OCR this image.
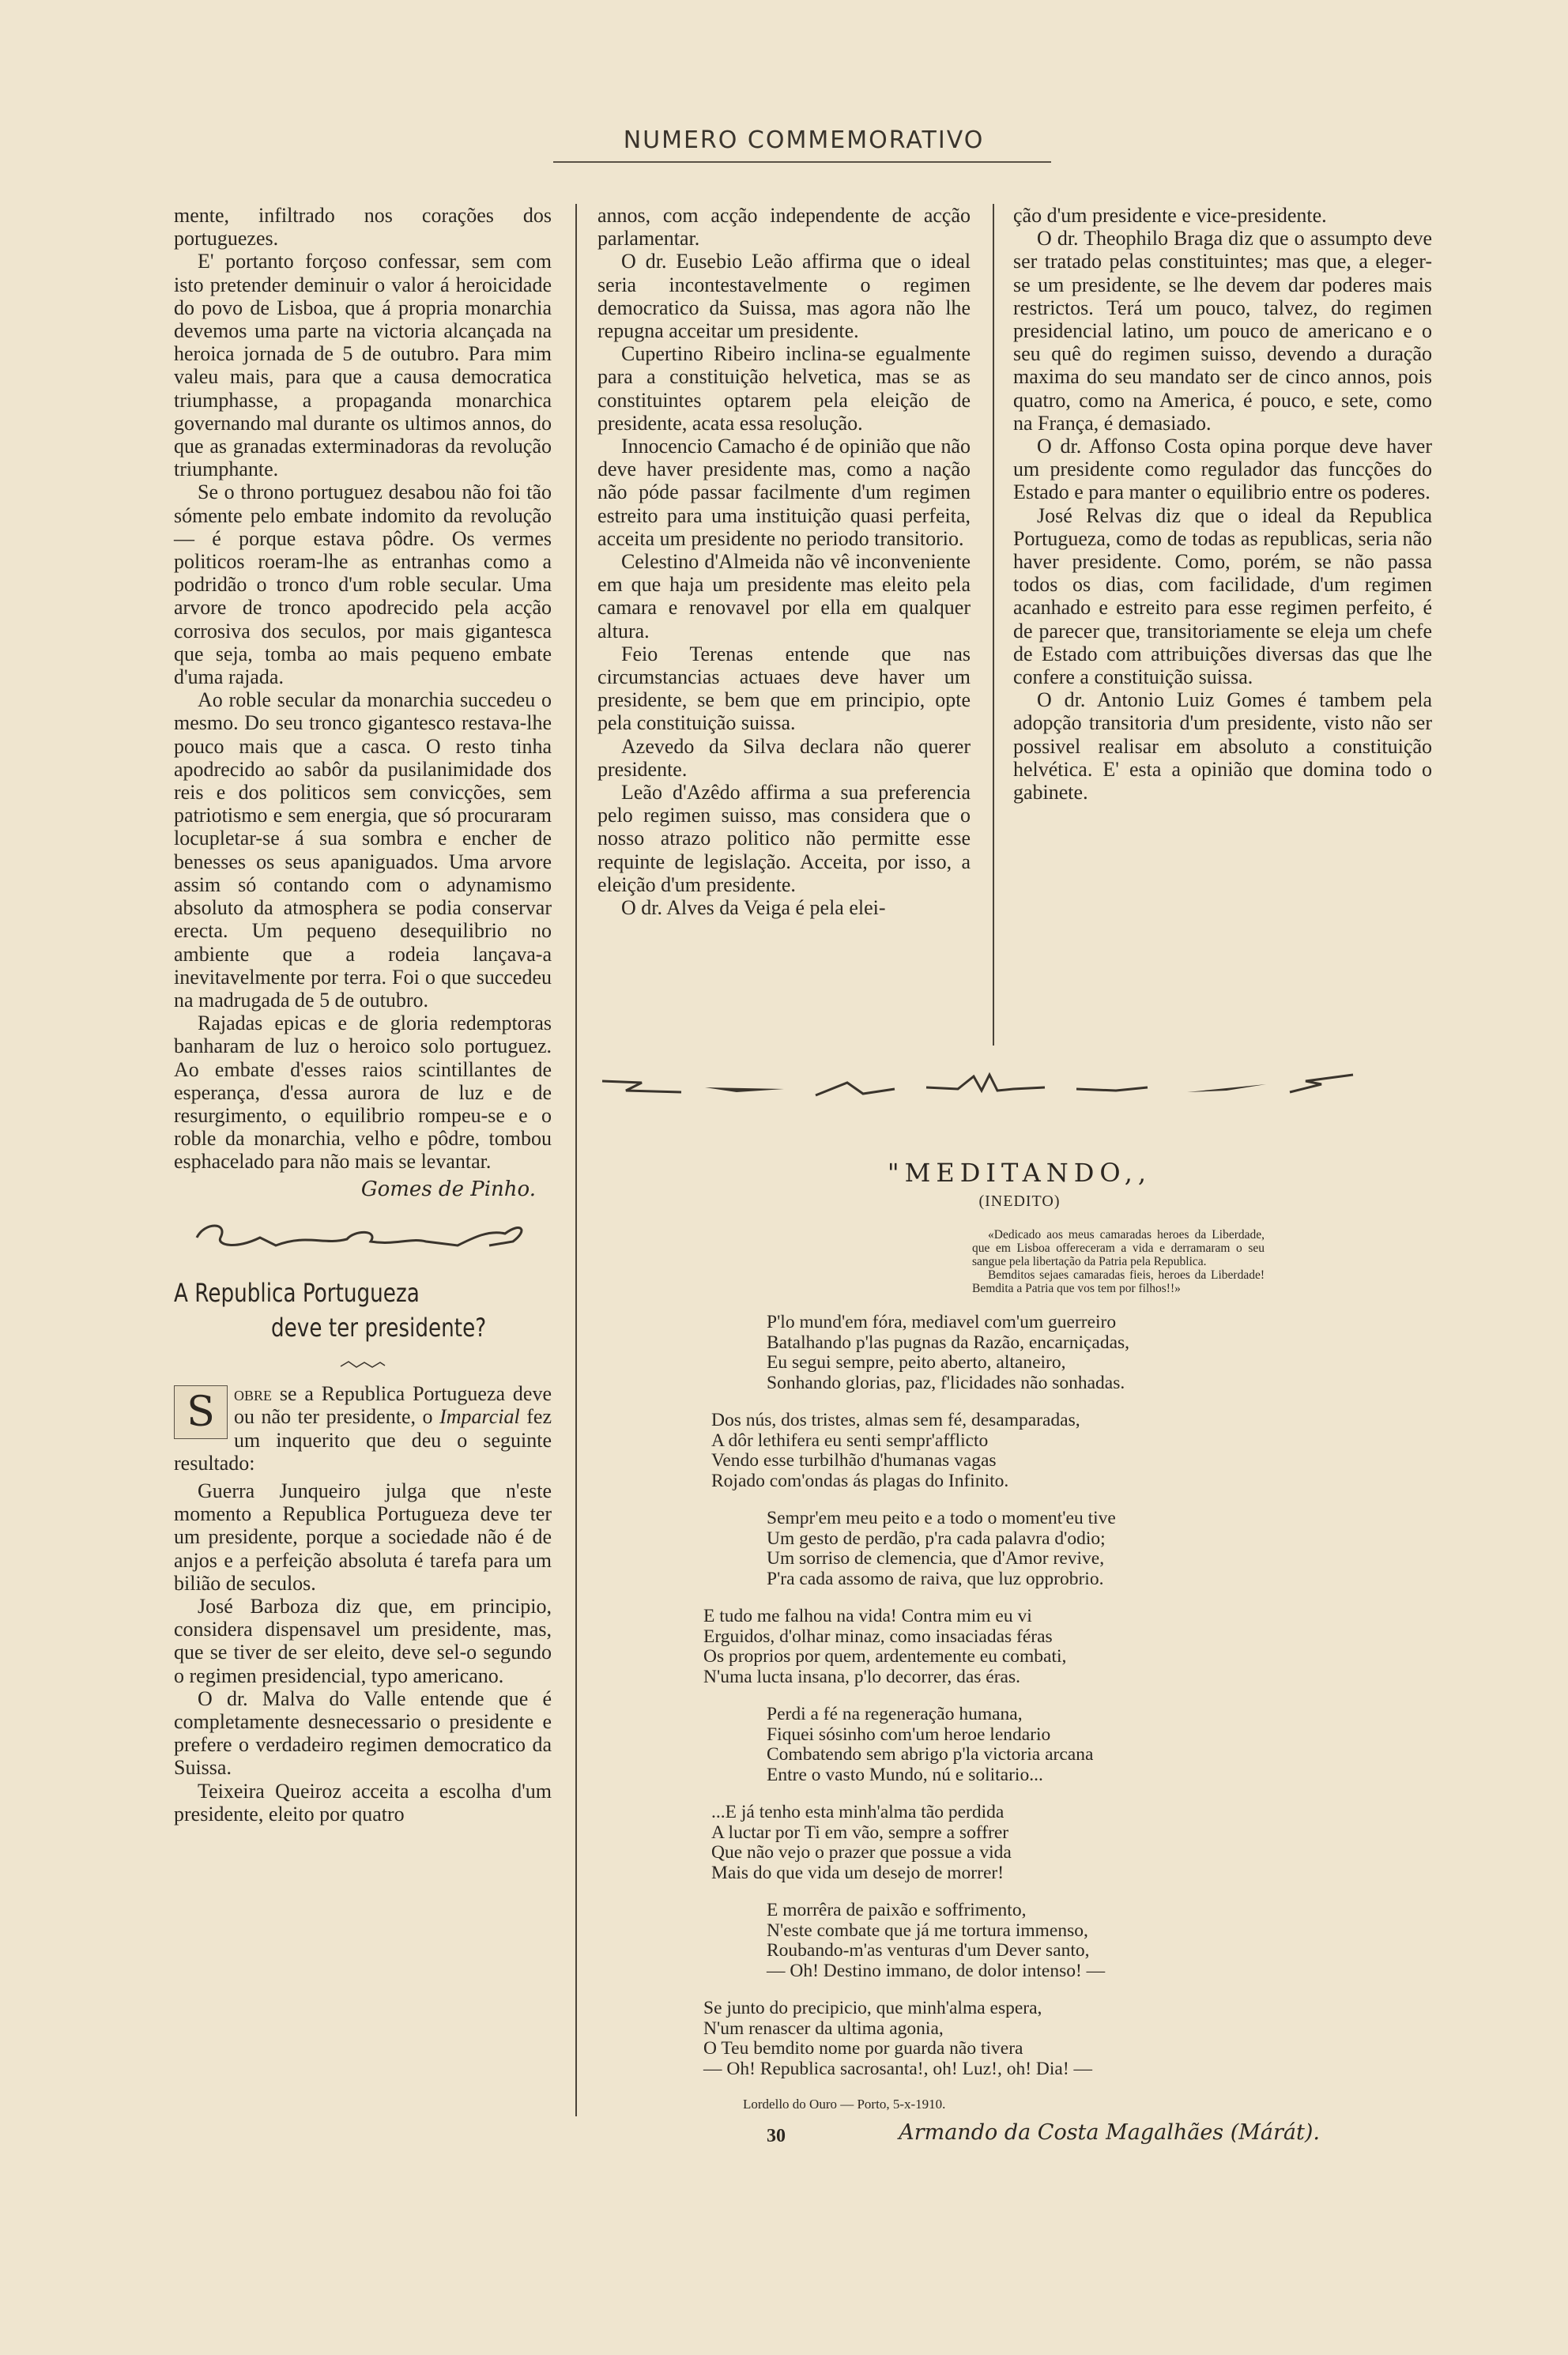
NUMERO COMMEMORATIVO

mente, infiltrado nos corações dos portuguezes.

E' portanto forçoso confessar, sem com isto pretender deminuir o valor á heroicidade do povo de Lisboa, que á propria monarchia devemos uma parte na victoria alcançada na heroica jornada de 5 de outubro. Para mim valeu mais, para que a causa democratica triumphasse, a propaganda monarchica governando mal durante os ultimos annos, do que as granadas exterminadoras da revolução triumphante.

Se o throno portuguez desabou não foi tão sómente pelo embate indomito da revolução — é porque estava pôdre. Os vermes politicos roeram-lhe as entranhas como a podridão o tronco d'um roble secular. Uma arvore de tronco apodrecido pela acção corrosiva dos seculos, por mais gigantesca que seja, tomba ao mais pequeno embate d'uma rajada.

Ao roble secular da monarchia succedeu o mesmo. Do seu tronco gigantesco restava-lhe pouco mais que a casca. O resto tinha apodrecido ao sabôr da pusilanimidade dos reis e dos politicos sem convicções, sem patriotismo e sem energia, que só procuraram locupletar-se á sua sombra e encher de benesses os seus apaniguados. Uma arvore assim só contando com o adynamismo absoluto da atmosphera se podia conservar erecta. Um pequeno desequilibrio no ambiente que a rodeia lançava-a inevitavelmente por terra. Foi o que succedeu na madrugada de 5 de outubro.

Rajadas epicas e de gloria redemptoras banharam de luz o heroico solo portuguez. Ao embate d'esses raios scintillantes de esperança, d'essa aurora de luz e de resurgimento, o equilibrio rompeu-se e o roble da monarchia, velho e pôdre, tombou esphacelado para não mais se levantar.

Gomes de Pinho.
A Republica Portugueza
deve ter presidente?
S obre se a Republica Portugueza deve ou não ter presidente, o Imparcial fez um inquerito que deu o seguinte resultado:

Guerra Junqueiro julga que n'este momento a Republica Portugueza deve ter um presidente, porque a sociedade não é de anjos e a perfeição absoluta é tarefa para um bilião de seculos.

José Barboza diz que, em principio, considera dispensavel um presidente, mas, que se tiver de ser eleito, deve sel-o segundo o regimen presidencial, typo americano.

O dr. Malva do Valle entende que é completamente desnecessario o presidente e prefere o verdadeiro regimen democratico da Suissa.

Teixeira Queiroz acceita a escolha d'um presidente, eleito por quatro

annos, com acção independente de acção parlamentar.

O dr. Eusebio Leão affirma que o ideal seria incontestavelmente o regimen democratico da Suissa, mas agora não lhe repugna acceitar um presidente.

Cupertino Ribeiro inclina-se egualmente para a constituição helvetica, mas se as constituintes optarem pela eleição de presidente, acata essa resolução.

Innocencio Camacho é de opinião que não deve haver presidente mas, como a nação não póde passar facilmente d'um regimen estreito para uma instituição quasi perfeita, acceita um presidente no periodo transitorio.

Celestino d'Almeida não vê inconveniente em que haja um presidente mas eleito pela camara e renovavel por ella em qualquer altura.

Feio Terenas entende que nas circumstancias actuaes deve haver um presidente, se bem que em principio, opte pela constituição suissa.

Azevedo da Silva declara não querer presidente.

Leão d'Azêdo affirma a sua preferencia pelo regimen suisso, mas considera que o nosso atrazo politico não permitte esse requinte de legislação. Acceita, por isso, a eleição d'um presidente.

O dr. Alves da Veiga é pela elei-

ção d'um presidente e vice-presidente.

O dr. Theophilo Braga diz que o assumpto deve ser tratado pelas constituintes; mas que, a eleger-se um presidente, se lhe devem dar poderes mais restrictos. Terá um pouco, talvez, do regimen presidencial latino, um pouco de americano e o seu quê do regimen suisso, devendo a duração maxima do seu mandato ser de cinco annos, pois quatro, como na America, é pouco, e sete, como na França, é demasiado.

O dr. Affonso Costa opina porque deve haver um presidente como regulador das funcções do Estado e para manter o equilibrio entre os poderes.

José Relvas diz que o ideal da Republica Portugueza, como de todas as republicas, seria não haver presidente. Como, porém, se não passa todos os dias, com facilidade, d'um regimen acanhado e estreito para esse regimen perfeito, é de parecer que, transitoriamente se eleja um chefe de Estado com attribuições diversas das que lhe confere a constituição suissa.

O dr. Antonio Luiz Gomes é tambem pela adopção transitoria d'um presidente, visto não ser possivel realisar em absoluto a constituição helvética. E' esta a opinião que domina todo o gabinete.

"MEDITANDO,,
(INEDITO)

«Dedicado aos meus camaradas heroes da Liberdade, que em Lisboa offereceram a vida e derramaram o seu sangue pela libertação da Patria pela Republica.

Bemditos sejaes camaradas fieis, heroes da Liberdade! Bemdita a Patria que vos tem por filhos!!»

P'lo mund'em fóra, mediavel com'um guerreiro
Batalhando p'las pugnas da Razão, encarniçadas,
Eu segui sempre, peito aberto, altaneiro,
Sonhando glorias, paz, f'licidades não sonhadas.
Dos nús, dos tristes, almas sem fé, desamparadas,
A dôr lethifera eu senti sempr'afflicto
Vendo esse turbilhão d'humanas vagas
Rojado com'ondas ás plagas do Infinito.
Sempr'em meu peito e a todo o moment'eu tive
Um gesto de perdão, p'ra cada palavra d'odio;
Um sorriso de clemencia, que d'Amor revive,
P'ra cada assomo de raiva, que luz opprobrio.
E tudo me falhou na vida! Contra mim eu vi
Erguidos, d'olhar minaz, como insaciadas féras
Os proprios por quem, ardentemente eu combati,
N'uma lucta insana, p'lo decorrer, das éras.
Perdi a fé na regeneração humana,
Fiquei sósinho com'um heroe lendario
Combatendo sem abrigo p'la victoria arcana
Entre o vasto Mundo, nú e solitario...
...E já tenho esta minh'alma tão perdida
A luctar por Ti em vão, sempre a soffrer
Que não vejo o prazer que possue a vida
Mais do que vida um desejo de morrer!
E morrêra de paixão e soffrimento,
N'este combate que já me tortura immenso,
Roubando-m'as venturas d'um Dever santo,
— Oh! Destino immano, de dolor intenso! —
Se junto do precipicio, que minh'alma espera,
N'um renascer da ultima agonia,
O Teu bemdito nome por guarda não tivera
— Oh! Republica sacrosanta!, oh! Luz!, oh! Dia! —
Lordello do Ouro — Porto, 5-x-1910.
Armando da Costa Magalhães (Márát).
30
